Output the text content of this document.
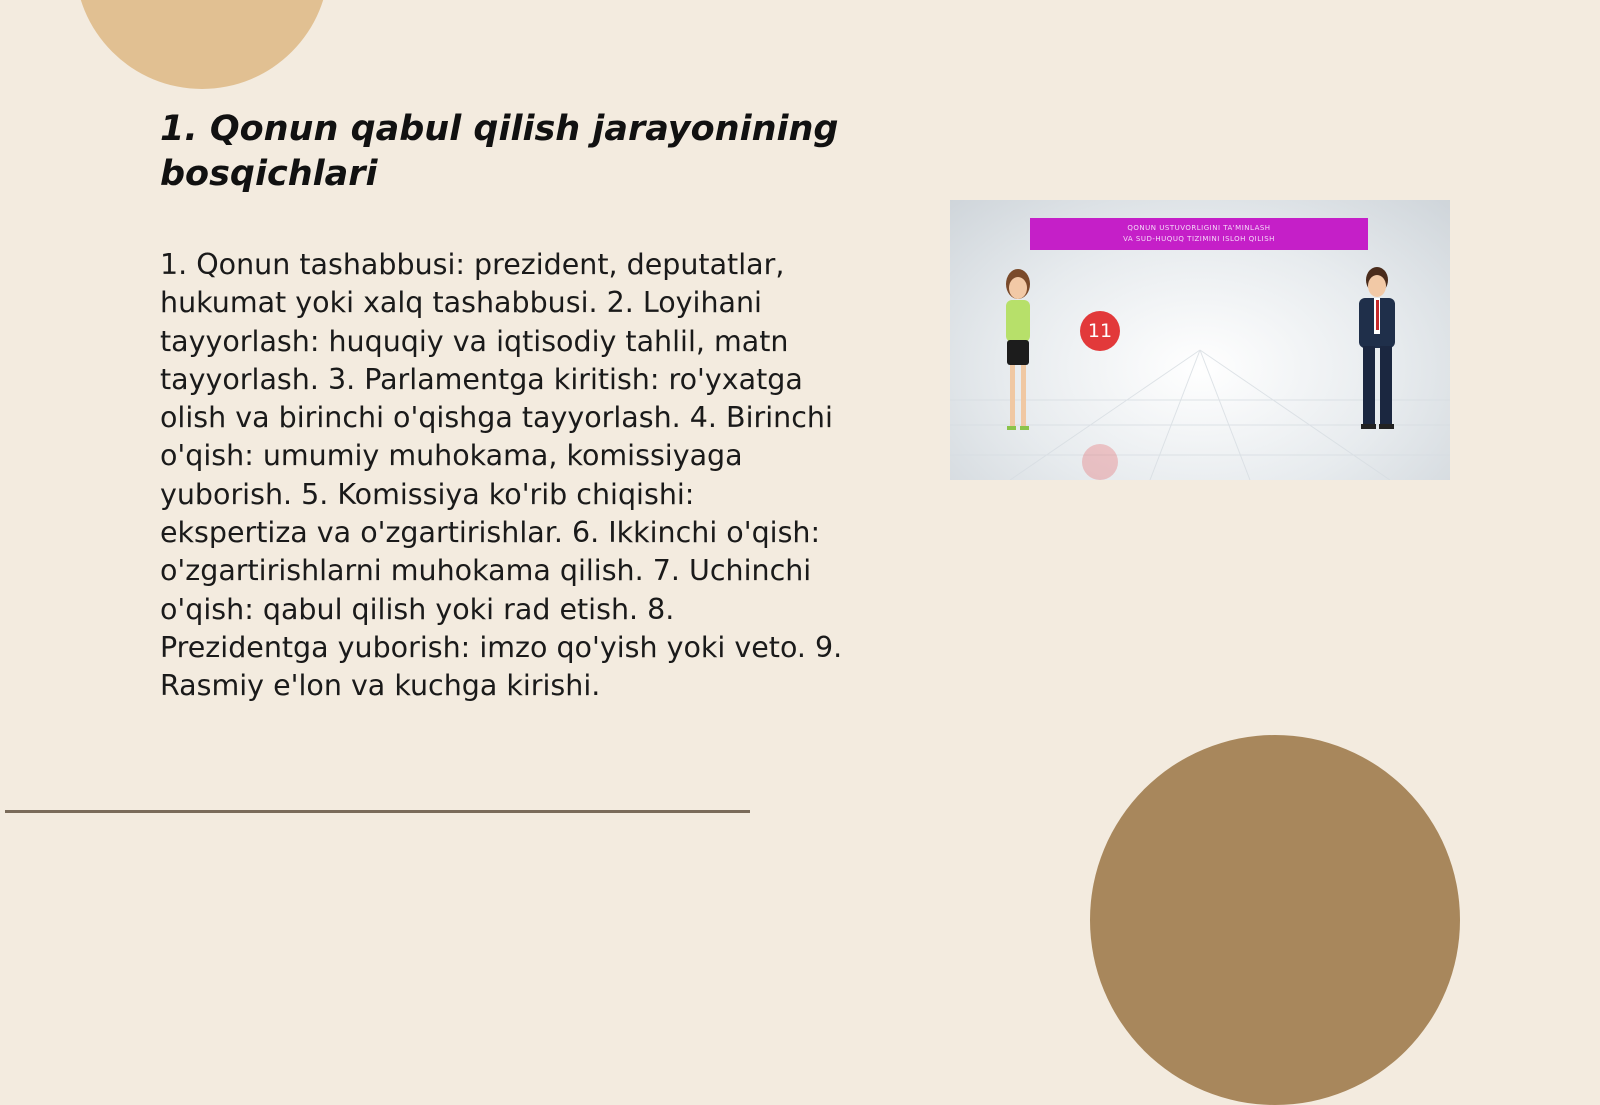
1. Qonun qabul qilish jarayonining bosqichlari

1. Qonun tashabbusi: prezident, deputatlar, hukumat yoki xalq tashabbusi. 2. Loyihani tayyorlash: huquqiy va iqtisodiy tahlil, matn tayyorlash. 3. Parlamentga kiritish: ro'yxatga olish va birinchi o'qishga tayyorlash. 4. Birinchi o'qish: umumiy muhokama, komissiyaga yuborish. 5. Komissiya ko'rib chiqishi: ekspertiza va o'zgartirishlar. 6. Ikkinchi o'qish: o'zgartirishlarni muhokama qilish. 7. Uchinchi o'qish: qabul qilish yoki rad etish. 8. Prezidentga yuborish: imzo qo'yish yoki veto. 9. Rasmiy e'lon va kuchga kirishi.

QONUN USTUVORLIGINI TA'MINLASH
VA SUD-HUQUQ TIZIMINI ISLOH QILISH
11
